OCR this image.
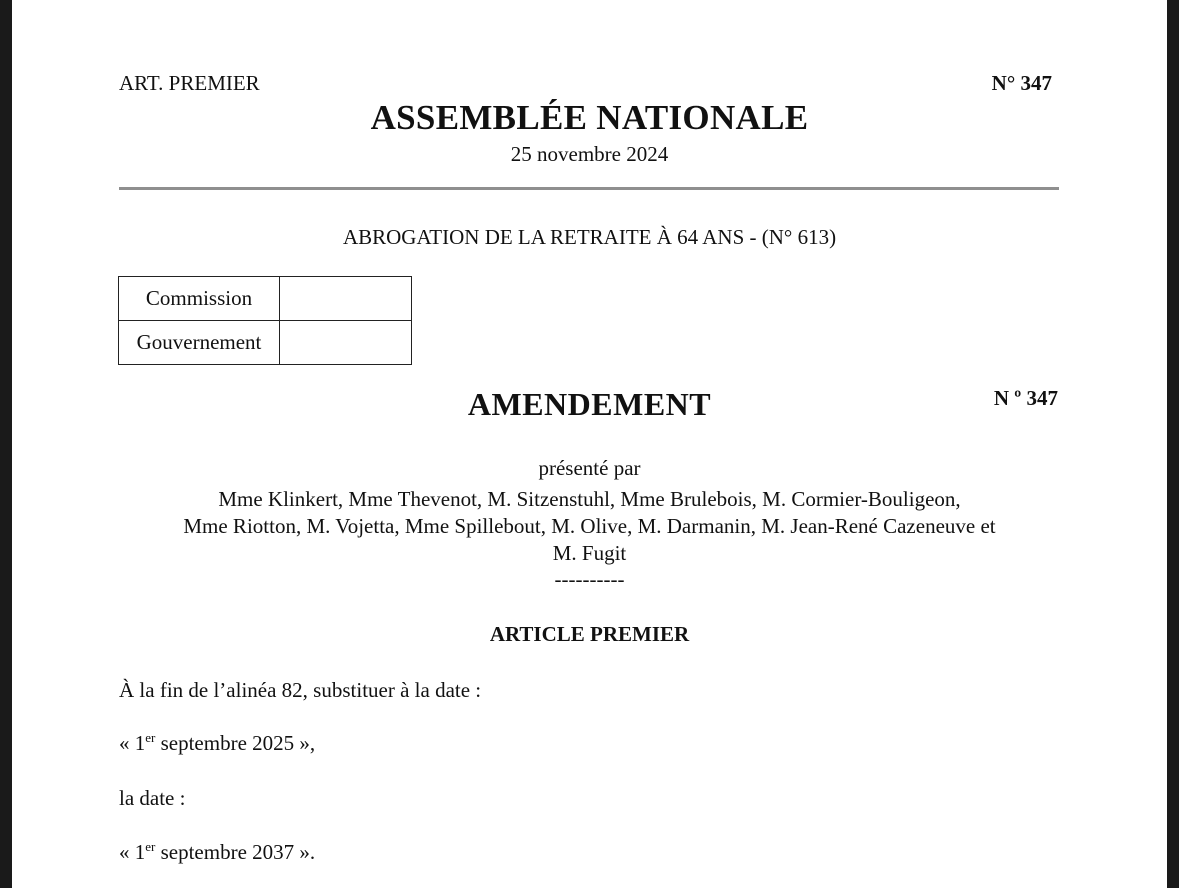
ART. PREMIER	N° 347
ASSEMBLÉE NATIONALE
25 novembre 2024
ABROGATION DE LA RETRAITE À 64 ANS - (N° 613)
Commission	
Gouvernement	
AMENDEMENT	N º 347
présenté par
Mme Klinkert, Mme Thevenot, M. Sitzenstuhl, Mme Brulebois, M. Cormier-Bouligeon,
Mme Riotton, M. Vojetta, Mme Spillebout, M. Olive, M. Darmanin, M. Jean-René Cazeneuve et
M. Fugit
----------
ARTICLE PREMIER
À la fin de l’alinéa 82, substituer à la date :
« 1er septembre 2025 »,
la date :
« 1er septembre 2037 ».
